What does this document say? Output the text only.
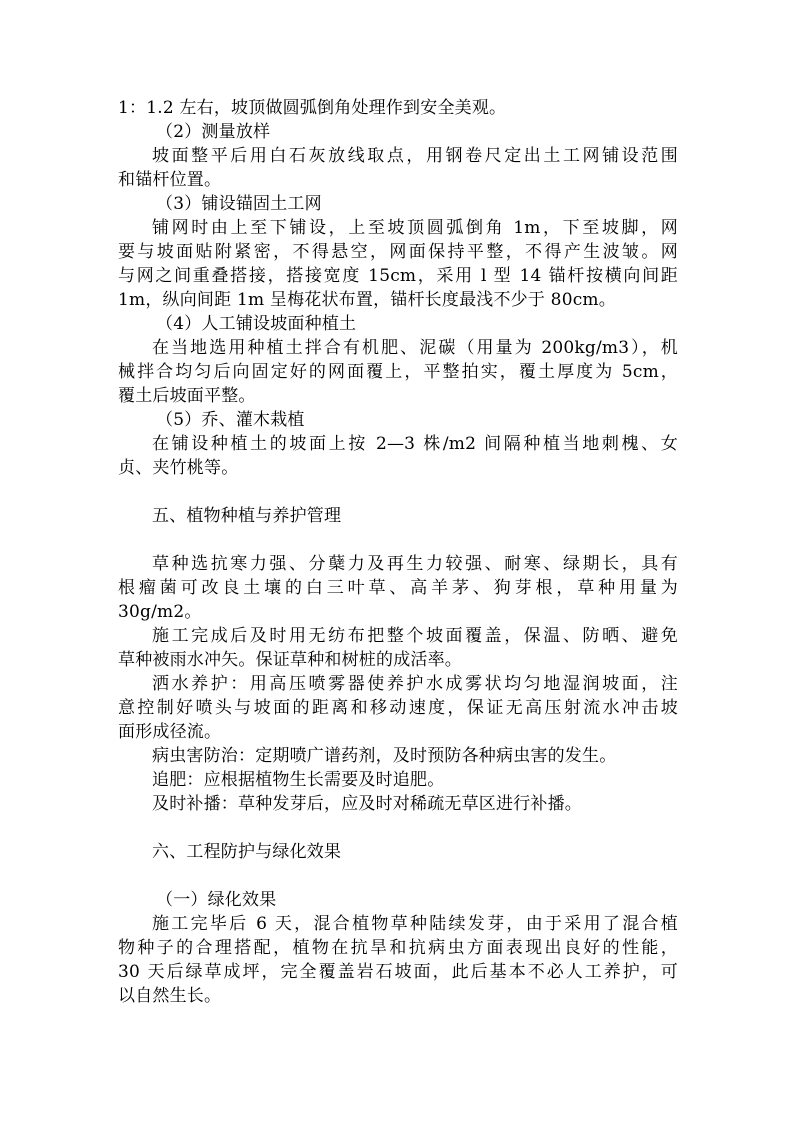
1：1.2 左右，坡顶做圆弧倒角处理作到安全美观。
（2）测量放样
坡面整平后用白石灰放线取点，用钢卷尺定出土工网铺设范围
和锚杆位置。
（3）铺设锚固土工网
铺网时由上至下铺设，上至坡顶圆弧倒角 1m，下至坡脚，网
要与坡面贴附紧密，不得悬空，网面保持平整，不得产生波皱。网
与网之间重叠搭接，搭接宽度 15cm，采用 l 型 14 锚杆按横向间距
1m，纵向间距 1m 呈梅花状布置，锚杆长度最浅不少于 80cm。
（4）人工铺设坡面种植土
在当地选用种植土拌合有机肥、泥碳（用量为 200kg/m3），机
械拌合均匀后向固定好的网面覆上，平整拍实，覆土厚度为 5cm，
覆土后坡面平整。
（5）乔、灌木栽植
在铺设种植土的坡面上按 2—3 株/m2 间隔种植当地刺槐、女
贞、夹竹桃等。
五、植物种植与养护管理
草种选抗寒力强、分蘖力及再生力较强、耐寒、绿期长，具有
根瘤菌可改良土壤的白三叶草、高羊茅、狗芽根，草种用量为
30g/m2。
施工完成后及时用无纺布把整个坡面覆盖，保温、防晒、避免
草种被雨水冲矢。保证草种和树桩的成活率。
洒水养护：用高压喷雾器使养护水成雾状均匀地湿润坡面，注
意控制好喷头与坡面的距离和移动速度，保证无高压射流水冲击坡
面形成径流。
病虫害防治：定期喷广谱药剂，及时预防各种病虫害的发生。
追肥：应根据植物生长需要及时追肥。
及时补播：草种发芽后，应及时对稀疏无草区进行补播。
六、工程防护与绿化效果
（一）绿化效果
施工完毕后 6 天，混合植物草种陆续发芽，由于采用了混合植
物种子的合理搭配，植物在抗旱和抗病虫方面表现出良好的性能，
30 天后绿草成坪，完全覆盖岩石坡面，此后基本不必人工养护，可
以自然生长。
